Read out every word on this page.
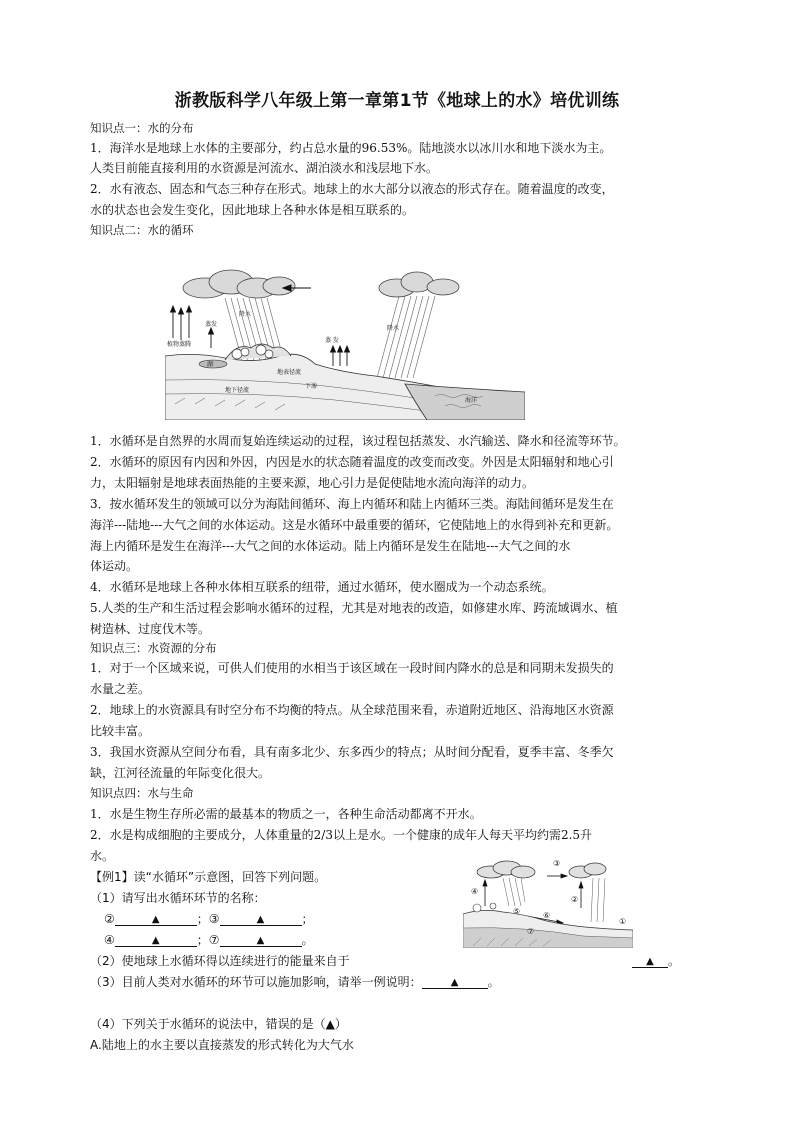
浙教版科学八年级上第一章第1节《地球上的水》培优训练
知识点一：水的分布
1．海洋水是地球上水体的主要部分，约占总水量的96.53%。陆地淡水以冰川水和地下淡水为主。
人类目前能直接利用的水资源是河流水、湖泊淡水和浅层地下水。
2．水有液态、固态和气态三种存在形式。地球上的水大部分以液态的形式存在。随着温度的改变，
水的状态也会发生变化，因此地球上各种水体是相互联系的。
知识点二：水的循环
降水
降水
蒸发
植物蒸腾
蒸 发
地表径流
湖
下渗
地下径流
海洋
1．水循环是自然界的水周而复始连续运动的过程，该过程包括蒸发、水汽输送、降水和径流等环节。
2．水循环的原因有内因和外因，内因是水的状态随着温度的改变而改变。外因是太阳辐射和地心引
力，太阳辐射是地球表面热能的主要来源，地心引力是促使陆地水流向海洋的动力。
3．按水循环发生的领域可以分为海陆间循环、海上内循环和陆上内循环三类。海陆间循环是发生在
海洋---陆地---大气之间的水体运动。这是水循环中最重要的循环，它使陆地上的水得到补充和更新。
海上内循环是发生在海洋---大气之间的水体运动。陆上内循环是发生在陆地---大气之间的水
体运动。
4．水循环是地球上各种水体相互联系的纽带，通过水循环，使水圈成为一个动态系统。
5.人类的生产和生活过程会影响水循环的过程，尤其是对地表的改造，如修建水库、跨流域调水、植
树造林、过度伐木等。
知识点三：水资源的分布
1．对于一个区域来说，可供人们使用的水相当于该区域在一段时间内降水的总是和同期未发损失的
水量之差。
2．地球上的水资源具有时空分布不均衡的特点。从全球范围来看，赤道附近地区、沿海地区水资源
比较丰富。
3．我国水资源从空间分布看，具有南多北少、东多西少的特点；从时间分配看，夏季丰富、冬季欠
缺，江河径流量的年际变化很大。
知识点四：水与生命
1．水是生物生存所必需的最基本的物质之一，各种生命活动都离不开水。
2．水是构成细胞的主要成分，人体重量的2/3以上是水。一个健康的成年人每天平均约需2.5升
水。
【例1】读“水循环”示意图，回答下列问题。
（1）请写出水循环环节的名称：
②	▲	；③	▲	；
④	▲	；⑦	▲	。
（2）使地球上水循环得以连续进行的能量来自于	▲ 。
（3）目前人类对水循环的环节可以施加影响，请举一例说明：	▲ 。
（4）下列关于水循环的说法中，错误的是（▲）
A.陆地上的水主要以直接蒸发的形式转化为大气水
①
②
③
④
⑤	⑥
⑦
